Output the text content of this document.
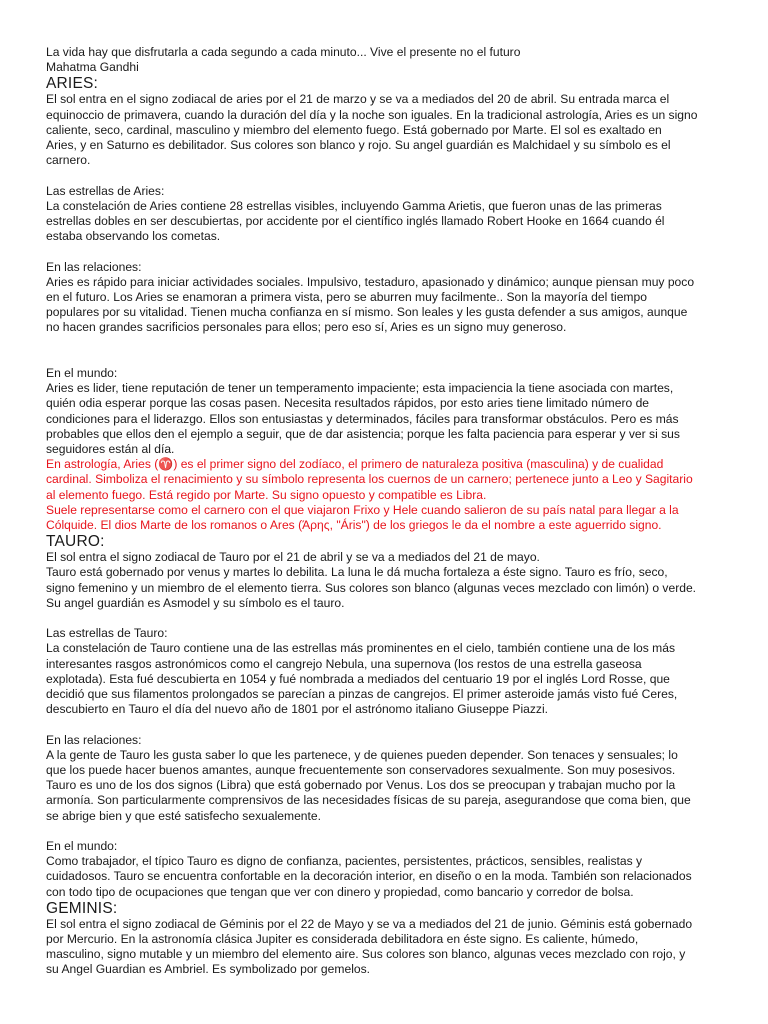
La vida hay que disfrutarla a cada segundo a cada minuto... Vive el presente no el futuro

Mahatma Gandhi

ARIES:

El sol entra en el signo zodiacal de aries por el 21 de marzo y se va a mediados del 20 de abril. Su entrada marca el
equinoccio de primavera, cuando la duración del día y la noche son iguales. En la tradicional astrología, Aries es un signo
caliente, seco, cardinal, masculino y miembro del elemento fuego. Está gobernado por Marte. El sol es exaltado en
Aries, y en Saturno es debilitador. Sus colores son blanco y rojo. Su angel guardián es Malchidael y su símbolo es el
carnero.

Las estrellas de Aries:

La constelación de Aries contiene 28 estrellas visibles, incluyendo Gamma Arietis, que fueron unas de las primeras
estrellas dobles en ser descubiertas, por accidente por el científico inglés llamado Robert Hooke en 1664 cuando él
estaba observando los cometas.

En las relaciones:

Aries es rápido para iniciar actividades sociales. Impulsivo, testaduro, apasionado y dinámico; aunque piensan muy poco
en el futuro. Los Aries se enamoran a primera vista, pero se aburren muy facilmente.. Son la mayoría del tiempo
populares por su vitalidad. Tienen mucha confianza en sí mismo. Son leales y les gusta defender a sus amigos, aunque
no hacen grandes sacrificios personales para ellos; pero eso sí, Aries es un signo muy generoso.

En el mundo:

Aries es lider, tiene reputación de tener un temperamento impaciente; esta impaciencia la tiene asociada con martes,
quién odia esperar porque las cosas pasen. Necesita resultados rápidos, por esto aries tiene limitado número de
condiciones para el liderazgo. Ellos son entusiastas y determinados, fáciles para transformar obstáculos. Pero es más
probables que ellos den el ejemplo a seguir, que de dar asistencia; porque les falta paciencia para esperar y ver si sus
seguidores están al día.

En astrología, Aries (♈) es el primer signo del zodíaco, el primero de naturaleza positiva (masculina) y de cualidad
cardinal. Simboliza el renacimiento y su símbolo representa los cuernos de un carnero; pertenece junto a Leo y Sagitario
al elemento fuego. Está regido por Marte. Su signo opuesto y compatible es Libra.

Suele representarse como el carnero con el que viajaron Frixo y Hele cuando salieron de su país natal para llegar a la
Cólquide. El dios Marte de los romanos o Ares (Άρης, "Áris") de los griegos le da el nombre a este aguerrido signo.

TAURO:

El sol entra el signo zodiacal de Tauro por el 21 de abril y se va a mediados del 21 de mayo.
Tauro está gobernado por venus y martes lo debilita. La luna le dá mucha fortaleza a éste signo. Tauro es frío, seco,
signo femenino y un miembro de el elemento tierra. Sus colores son blanco (algunas veces mezclado con limón) o verde.
Su angel guardián es Asmodel y su símbolo es el tauro.

Las estrellas de Tauro:

La constelación de Tauro contiene una de las estrellas más prominentes en el cielo, también contiene una de los más
interesantes rasgos astronómicos como el cangrejo Nebula, una supernova (los restos de una estrella gaseosa
explotada). Esta fué descubierta en 1054 y fué nombrada a mediados del centuario 19 por el inglés Lord Rosse, que
decidió que sus filamentos prolongados se parecían a pinzas de cangrejos. El primer asteroide jamás visto fué Ceres,
descubierto en Tauro el día del nuevo año de 1801 por el astrónomo italiano Giuseppe Piazzi.

En las relaciones:

A la gente de Tauro les gusta saber lo que les partenece, y de quienes pueden depender. Son tenaces y sensuales; lo
que los puede hacer buenos amantes, aunque frecuentemente son conservadores sexualmente. Son muy posesivos.
Tauro es uno de los dos signos (Libra) que está gobernado por Venus. Los dos se preocupan y trabajan mucho por la
armonía. Son particularmente comprensivos de las necesidades físicas de su pareja, asegurandose que coma bien, que
se abrige bien y que esté satisfecho sexualemente.

En el mundo:

Como trabajador, el típico Tauro es digno de confianza, pacientes, persistentes, prácticos, sensibles, realistas y
cuidadosos. Tauro se encuentra confortable en la decoración interior, en diseño o en la moda. También son relacionados
con todo tipo de ocupaciones que tengan que ver con dinero y propiedad, como bancario y corredor de bolsa.

GEMINIS:

El sol entra el signo zodiacal de Géminis por el 22 de Mayo y se va a mediados del 21 de junio. Géminis está gobernado
por Mercurio. En la astronomía clásica Jupiter es considerada debilitadora en éste signo. Es caliente, húmedo,
masculino, signo mutable y un miembro del elemento aire. Sus colores son blanco, algunas veces mezclado con rojo, y
su Angel Guardian es Ambriel. Es symbolizado por gemelos.
